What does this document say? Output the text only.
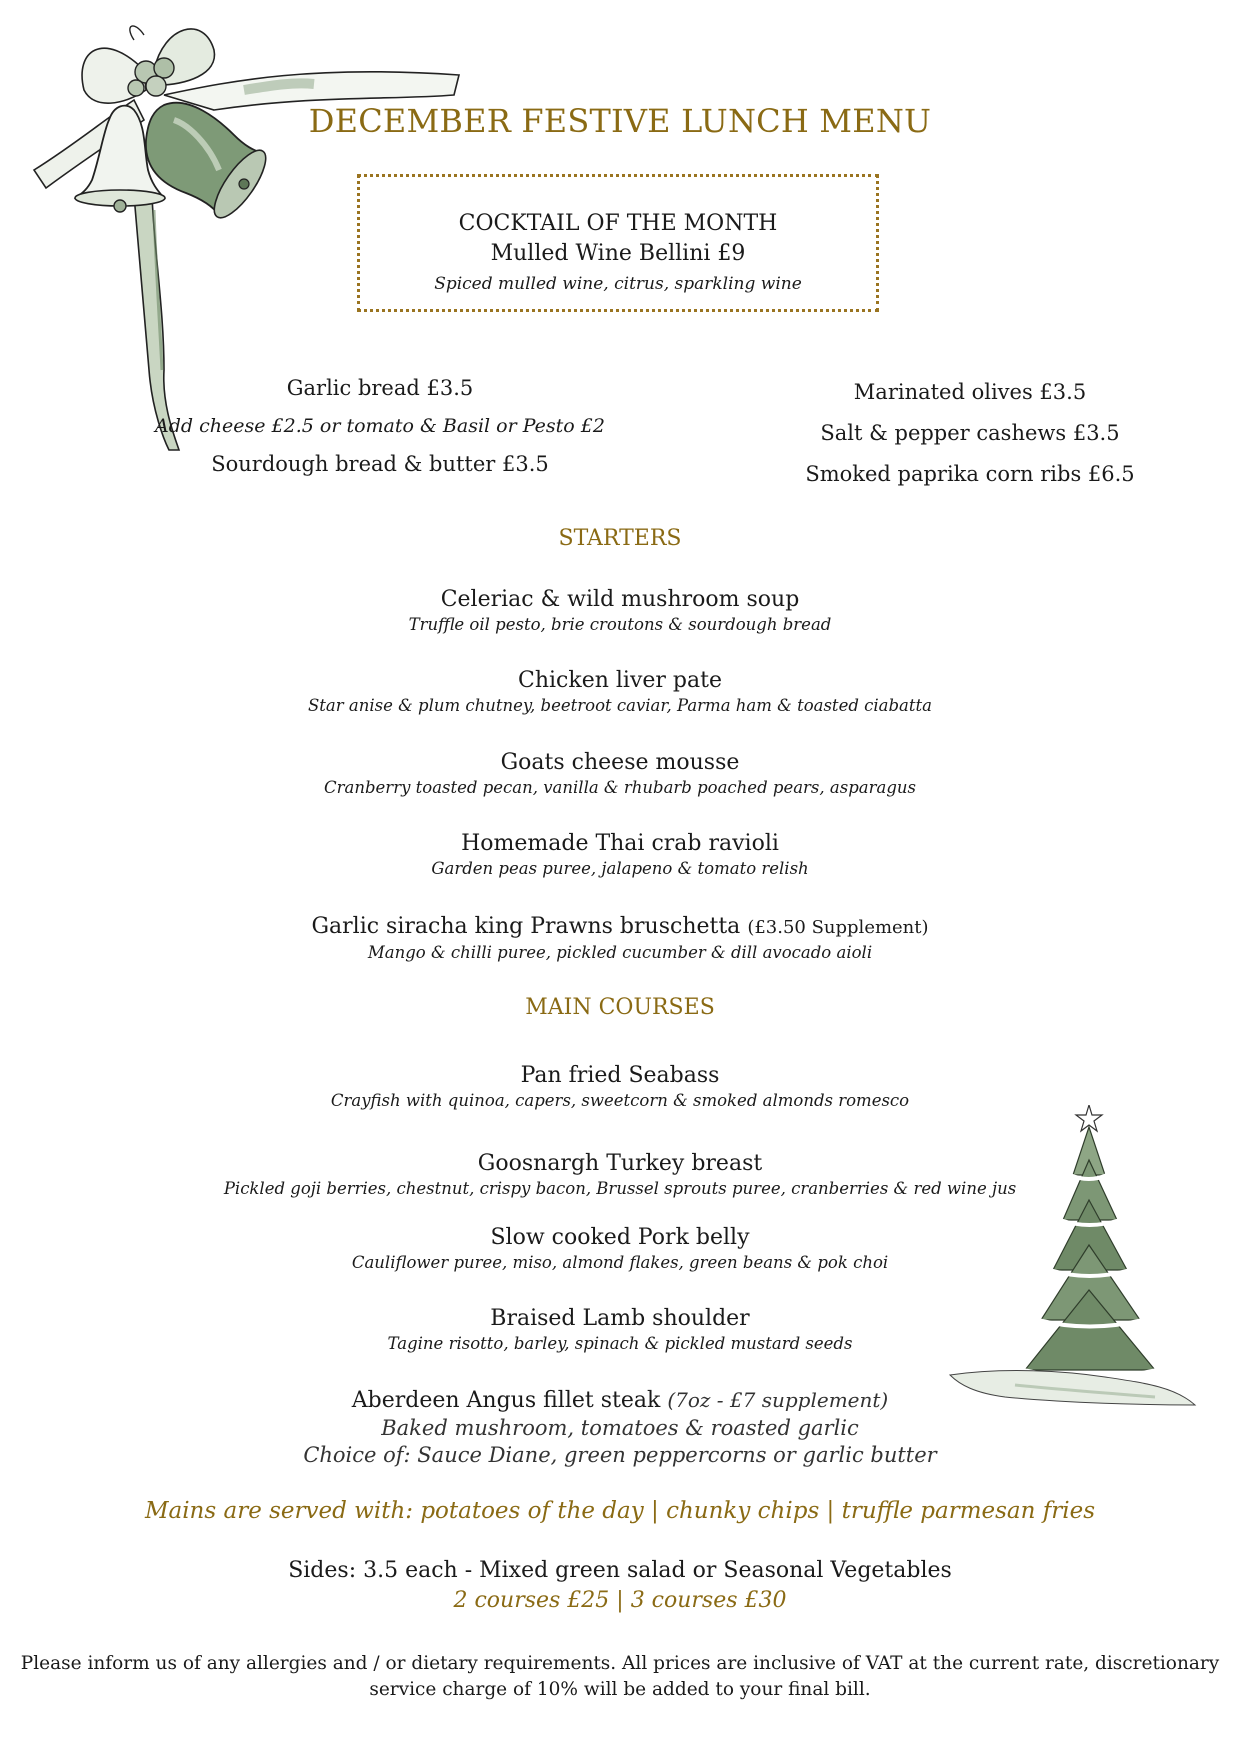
DECEMBER FESTIVE LUNCH MENU
COCKTAIL OF THE MONTH
Mulled Wine Bellini £9
Spiced mulled wine, citrus, sparkling wine
Garlic bread £3.5
Add cheese £2.5 or tomato & Basil or Pesto £2
Sourdough bread & butter £3.5
Marinated olives £3.5
Salt & pepper cashews £3.5
Smoked paprika corn ribs £6.5
STARTERS
Celeriac & wild mushroom soup
Truffle oil pesto, brie croutons & sourdough bread
Chicken liver pate
Star anise & plum chutney, beetroot caviar, Parma ham & toasted ciabatta
Goats cheese mousse
Cranberry toasted pecan, vanilla & rhubarb poached pears, asparagus
Homemade Thai crab ravioli
Garden peas puree, jalapeno & tomato relish
Garlic siracha king Prawns bruschetta (£3.50 Supplement)
Mango & chilli puree, pickled cucumber & dill avocado aioli
MAIN COURSES
Pan fried Seabass
Crayfish with quinoa, capers, sweetcorn & smoked almonds romesco
Goosnargh Turkey breast
Pickled goji berries, chestnut, crispy bacon, Brussel sprouts puree, cranberries & red wine jus
Slow cooked Pork belly
Cauliflower puree, miso, almond flakes, green beans & pok choi
Braised Lamb shoulder
Tagine risotto, barley, spinach & pickled mustard seeds
Aberdeen Angus fillet steak (7oz - £7 supplement)
Baked mushroom, tomatoes & roasted garlic
Choice of: Sauce Diane, green peppercorns or garlic butter
Mains are served with: potatoes of the day | chunky chips | truffle parmesan fries
Sides: 3.5 each - Mixed green salad or Seasonal Vegetables
2 courses £25 | 3 courses £30
Please inform us of any allergies and / or dietary requirements. All prices are inclusive of VAT at the current rate, discretionary service charge of 10% will be added to your final bill.
